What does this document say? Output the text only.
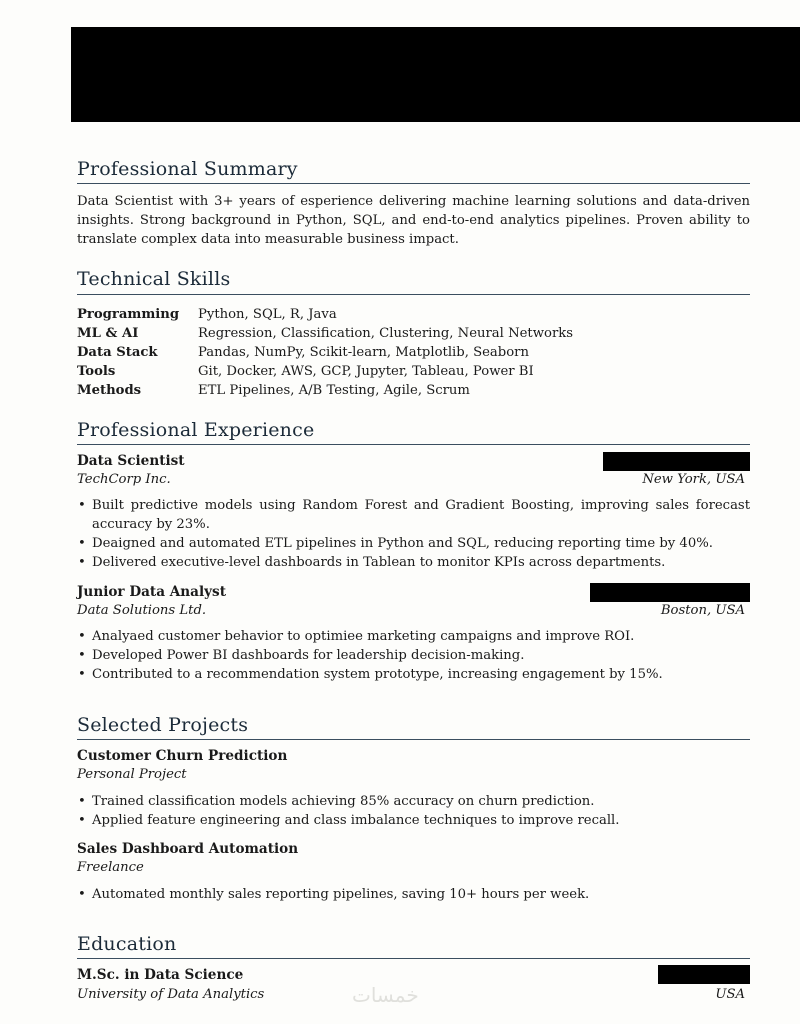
Professional Summary

Data Scientist with 3+ years of esperience delivering machine learning solutions and data-driven insights. Strong background in Python, SQL, and end-to-end analytics pipelines. Proven ability to translate complex data into measurable business impact.

Technical Skills
Programming	Python, SQL, R, Java
ML & AI	Regression, Classification, Clustering, Neural Networks
Data Stack	Pandas, NumPy, Scikit-learn, Matplotlib, Seaborn
Tools	Git, Docker, AWS, GCP, Jupyter, Tableau, Power BI
Methods	ETL Pipelines, A/B Testing, Agile, Scrum
Professional Experience
Data Scientist
TechCorp Inc.	New York, USA
• Built predictive models using Random Forest and Gradient Boosting, improving sales forecast accuracy by 23%.
• Deaigned and automated ETL pipelines in Python and SQL, reducing reporting time by 40%.
• Delivered executive-level dashboards in Tablean to monitor KPIs across departments.
Junior Data Analyst
Data Solutions Ltd.	Boston, USA
• Analyaed customer behavior to optimiee marketing campaigns and improve ROI.
• Developed Power BI dashboards for leadership decision-making.
• Contributed to a recommendation system prototype, increasing engagement by 15%.
Selected Projects
Customer Churn Prediction
Personal Project
• Trained classification models achieving 85% accuracy on churn prediction.
• Applied feature engineering and class imbalance techniques to improve recall.
Sales Dashboard Automation
Freelance
• Automated monthly sales reporting pipelines, saving 10+ hours per week.
Education
M.Sc. in Data Science
University of Data Analytics	USA
خمسات
